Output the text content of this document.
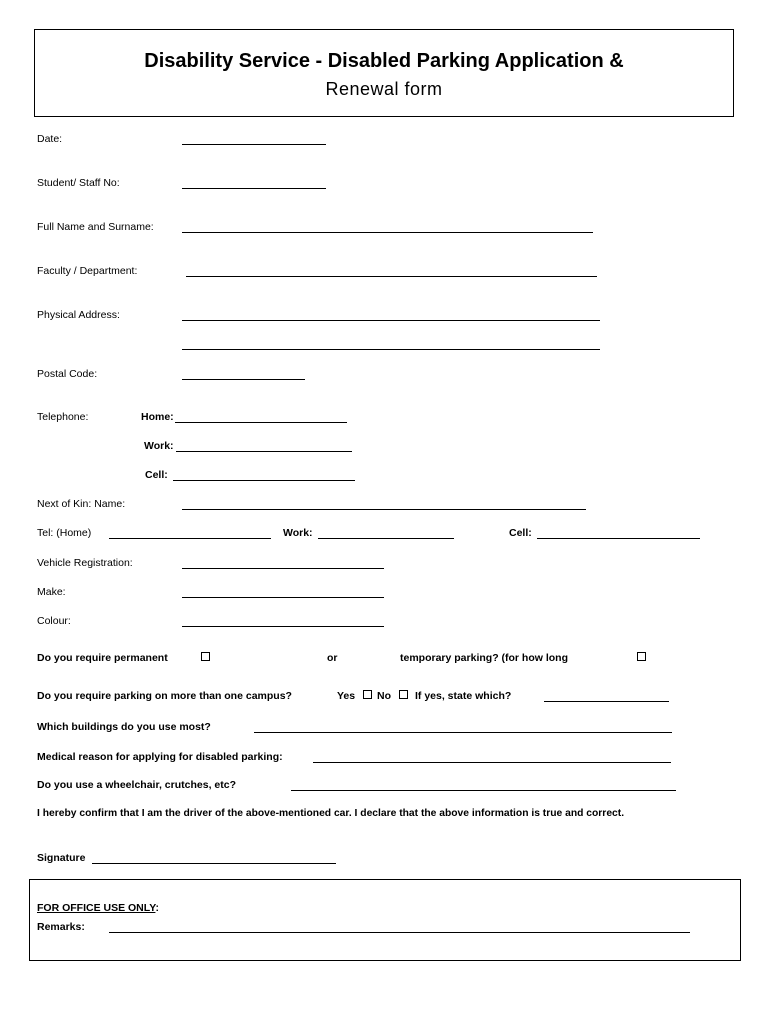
Disability Service - Disabled Parking Application &
Renewal form
Date:
Student/ Staff No:
Full Name and Surname:
Faculty / Department:
Physical Address:
Postal Code:
Telephone:	Home:
Work:
Cell:
Next of Kin: Name:
Tel: (Home)	Work:	Cell:
Vehicle Registration:
Make:
Colour:
Do you require permanent	or	temporary parking? (for how long
Do you require parking on more than one campus?	Yes No If yes, state which?
Which buildings do you use most?
Medical reason for applying for disabled parking:
Do you use a wheelchair, crutches, etc?
I hereby confirm that I am the driver of the above-mentioned car. I declare that the above information is true and correct.
Signature
FOR OFFICE USE ONLY:
Remarks:
